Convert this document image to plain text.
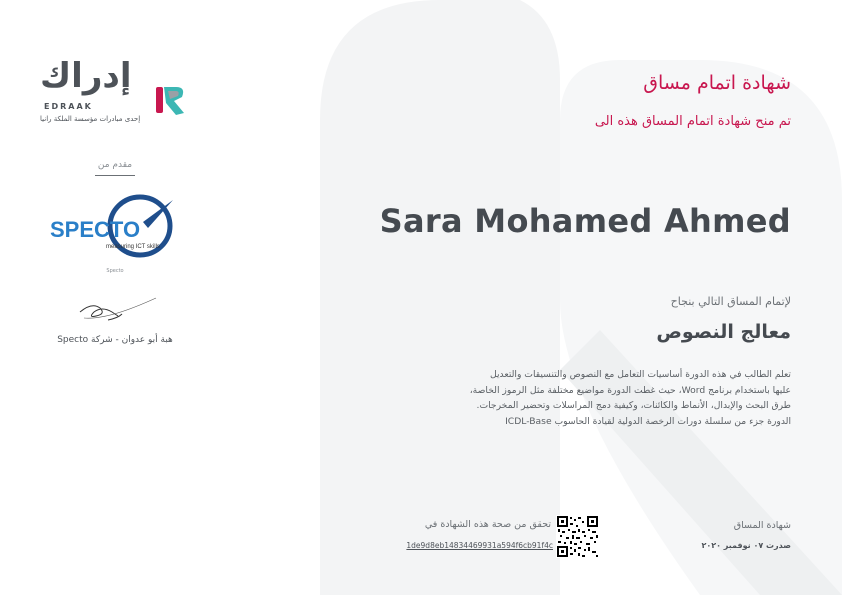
إدراك
EDRAAK
إحدى مبادرات مؤسسة الملكة رانيا
مقدم من
SPECTO
measuring ICT skills
Specto
هبة أبو عدوان - شركة Specto
شهادة اتمام مساق
تم منح شهادة اتمام المساق هذه الى
Sara Mohamed Ahmed
لإتمام المساق التالي بنجاح
معالج النصوص
تعلم الطالب في هذه الدورة أساسيات التعامل مع النصوص والتنسيقات والتعديل
عليها باستخدام برنامج Word، حيث غطت الدورة مواضيع مختلفة مثل الرموز الخاصة،
طرق البحث والإبدال، الأنماط والكائنات، وكيفية دمج المراسلات وتحضير المخرجات.
الدورة جزء من سلسلة دورات الرخصة الدولية لقيادة الحاسوب ICDL-Base
تحقق من صحة هذه الشهادة في
1de9d8eb14834469931a594f6cb91f4c
شهادة المساق
صدرت ٠٧ نوفمبر ٢٠٢٠
